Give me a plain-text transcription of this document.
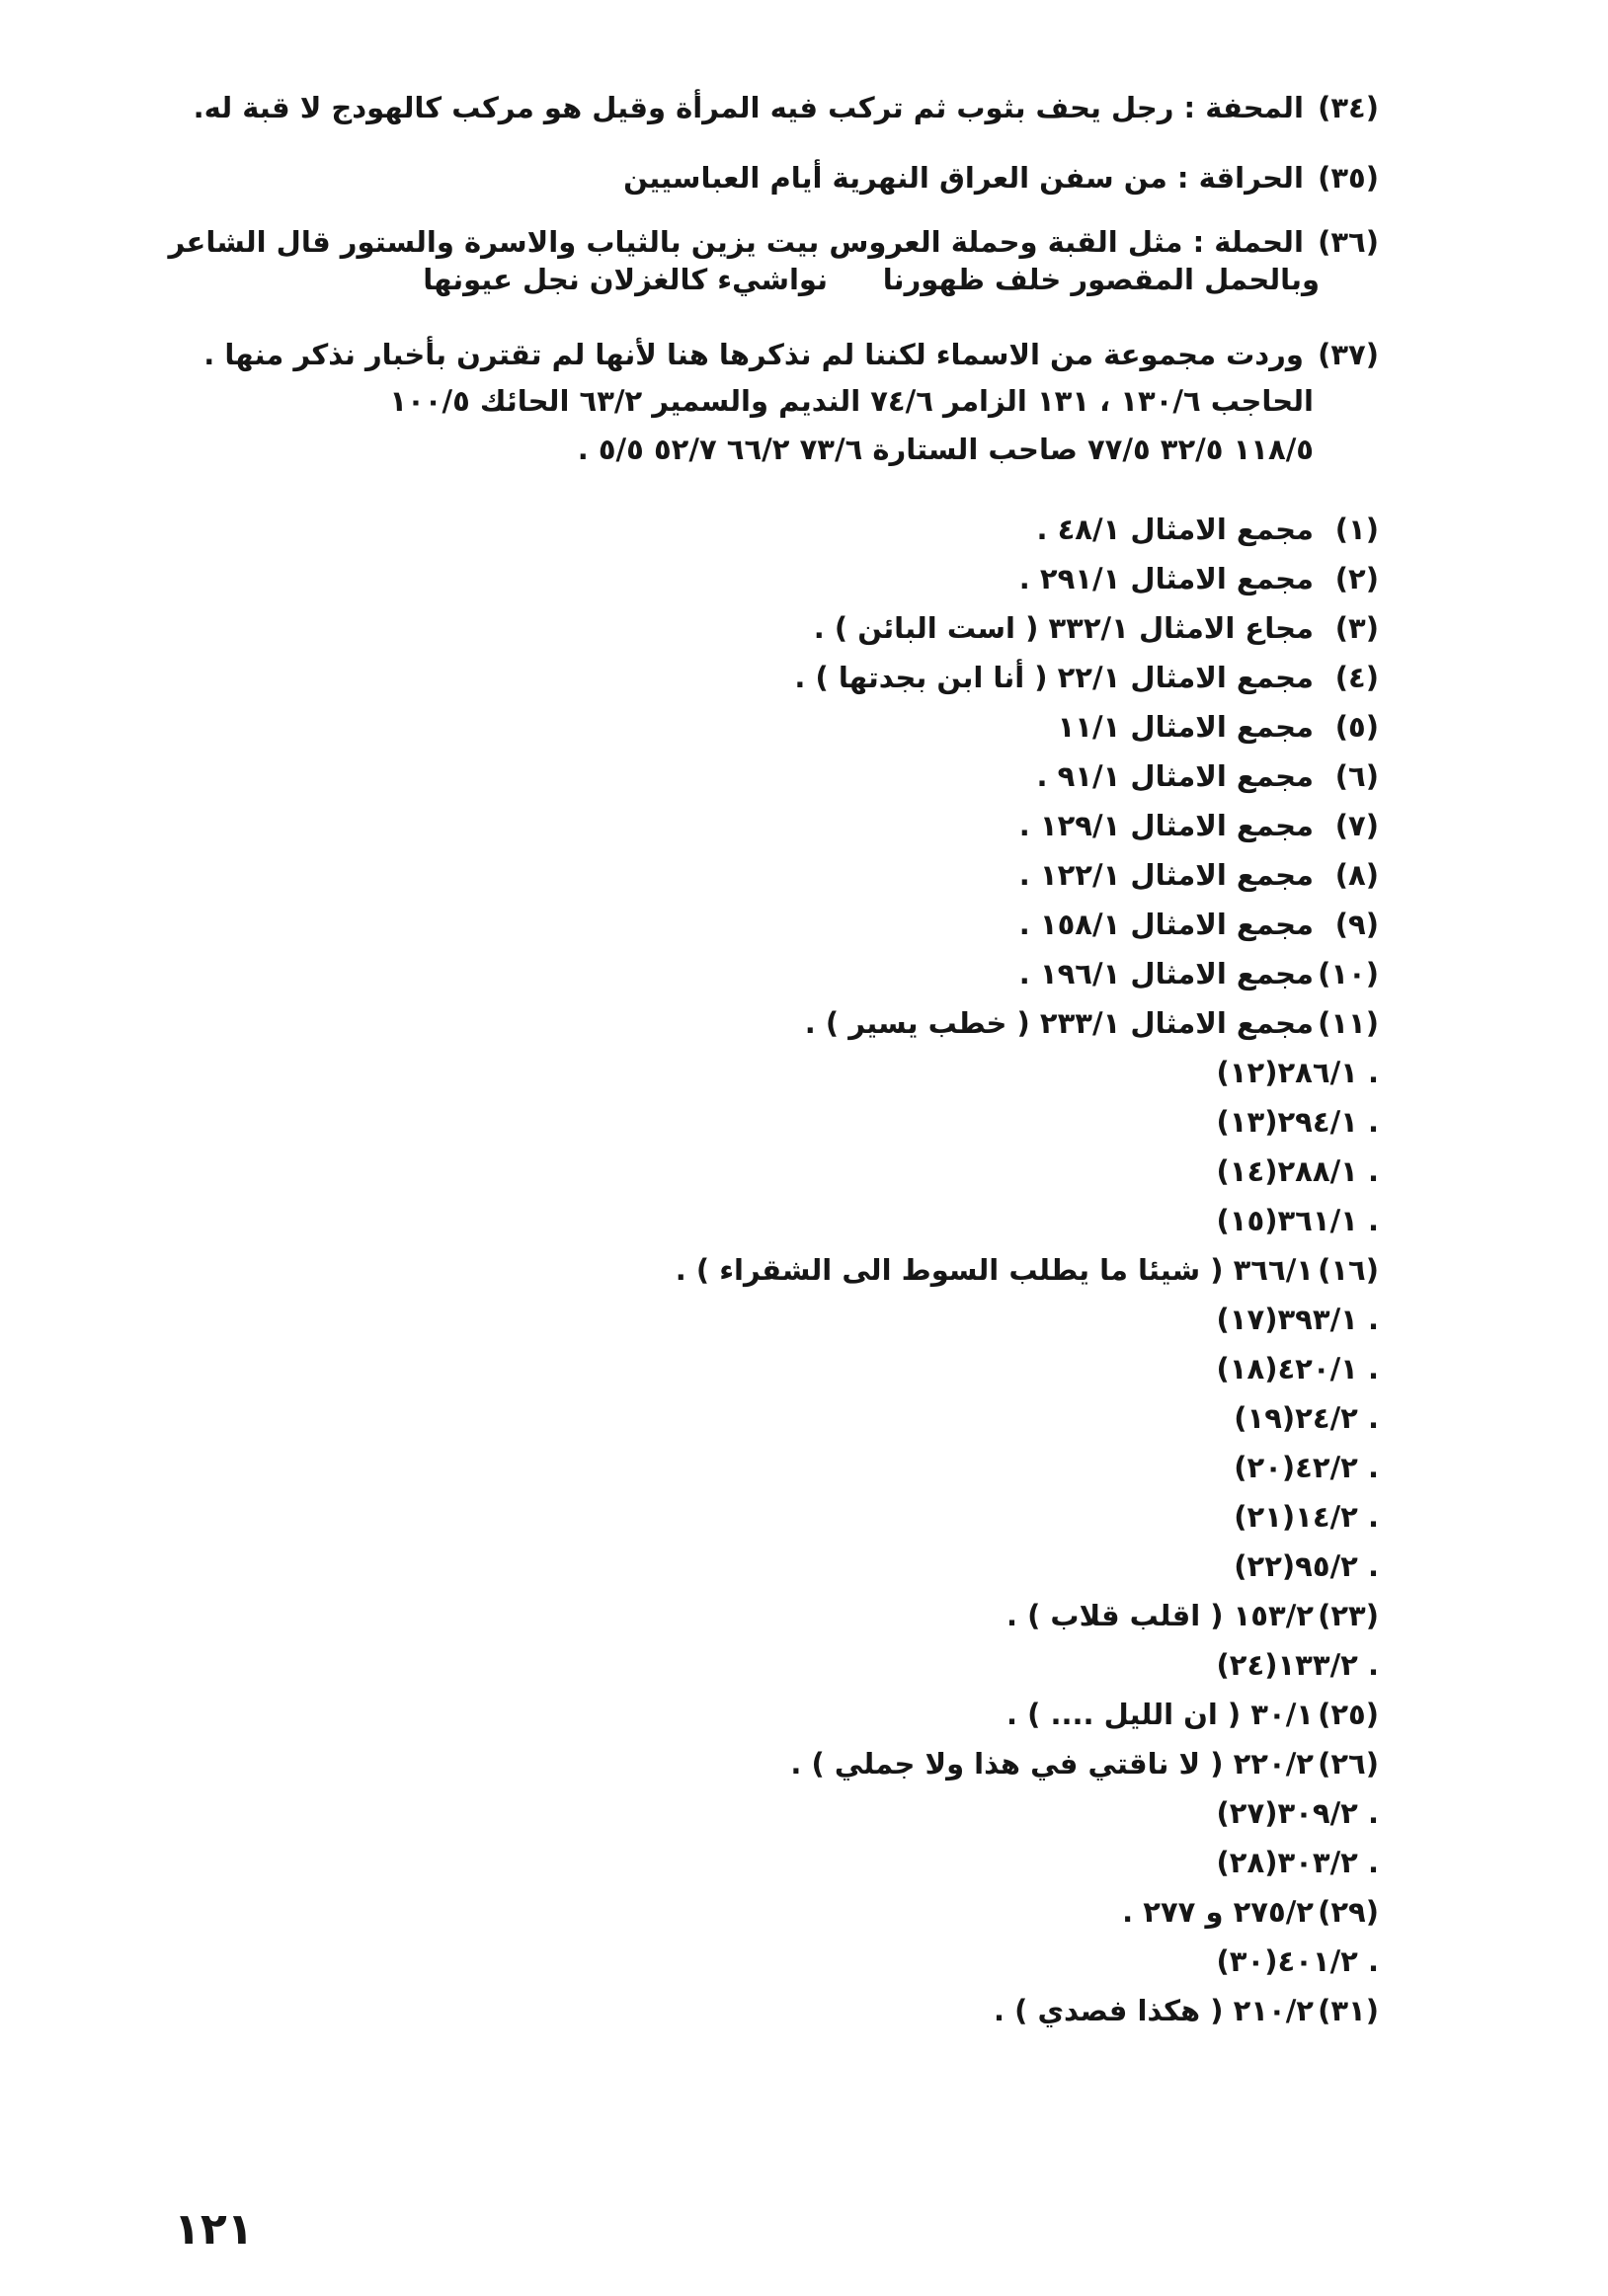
(٣٤) المحفة : رجل يحف بثوب ثم تركب فيه المرأة وقيل هو مركب كالهودج لا قبة له.
(٣٥) الحراقة : من سفن العراق النهرية أيام العباسيين
(٣٦) الحملة : مثل القبة وحملة العروس بيت يزين بالثياب والاسرة والستور قال الشاعر
وبالحمل المقصور خلف ظهورنا
نواشيء كالغزلان نجل عيونها
(٣٧) وردت مجموعة من الاسماء لكننا لم نذكرها هنا لأنها لم تقترن بأخبار نذكر منها .
الحاجب ١٣٠/٦ ، ١٣١ الزامر ٧٤/٦ النديم والسمير ٦٣/٢ الحائك ١٠٠/٥
١١٨/٥ ٣٢/٥ ٧٧/٥ صاحب الستارة ٧٣/٦ ٦٦/٢ ٥٢/٧ ٥/٥ .
(١)مجمع الامثال ٤٨/١ .
(٢)مجمع الامثال ٢٩١/١ .
(٣)مجاع الامثال ٣٣٢/١ ( است البائن ) .
(٤)مجمع الامثال ٢٢/١ ( أنا ابن بجدتها ) .
(٥)مجمع الامثال ١١/١
(٦)مجمع الامثال ٩١/١ .
(٧)مجمع الامثال ١٢٩/١ .
(٨)مجمع الامثال ١٢٢/١ .
(٩)مجمع الامثال ١٥٨/١ .
(١٠)مجمع الامثال ١٩٦/١ .
(١١)مجمع الامثال ٢٣٣/١ ( خطب يسير ) .
(١٢)٢٨٦/١ .
(١٣)٢٩٤/١ .
(١٤)٢٨٨/١ .
(١٥)٣٦١/١ .
(١٦)٣٦٦/١ ( شيئا ما يطلب السوط الى الشقراء ) .
(١٧)٣٩٣/١ .
(١٨)٤٢٠/١ .
(١٩)٢٤/٢ .
(٢٠)٤٢/٢ .
(٢١)١٤/٢ .
(٢٢)٩٥/٢ .
(٢٣)١٥٣/٢ ( اقلب قلاب ) .
(٢٤)١٣٣/٢ .
(٢٥)٣٠/١ ( ان الليل .... ) .
(٢٦)٢٢٠/٢ ( لا ناقتي في هذا ولا جملي ) .
(٢٧)٣٠٩/٢ .
(٢٨)٣٠٣/٢ .
(٢٩)٢٧٥/٢ و ٢٧٧ .
(٣٠)٤٠١/٢ .
(٣١)٢١٠/٢ ( هكذا فصدي ) .
١٢١
